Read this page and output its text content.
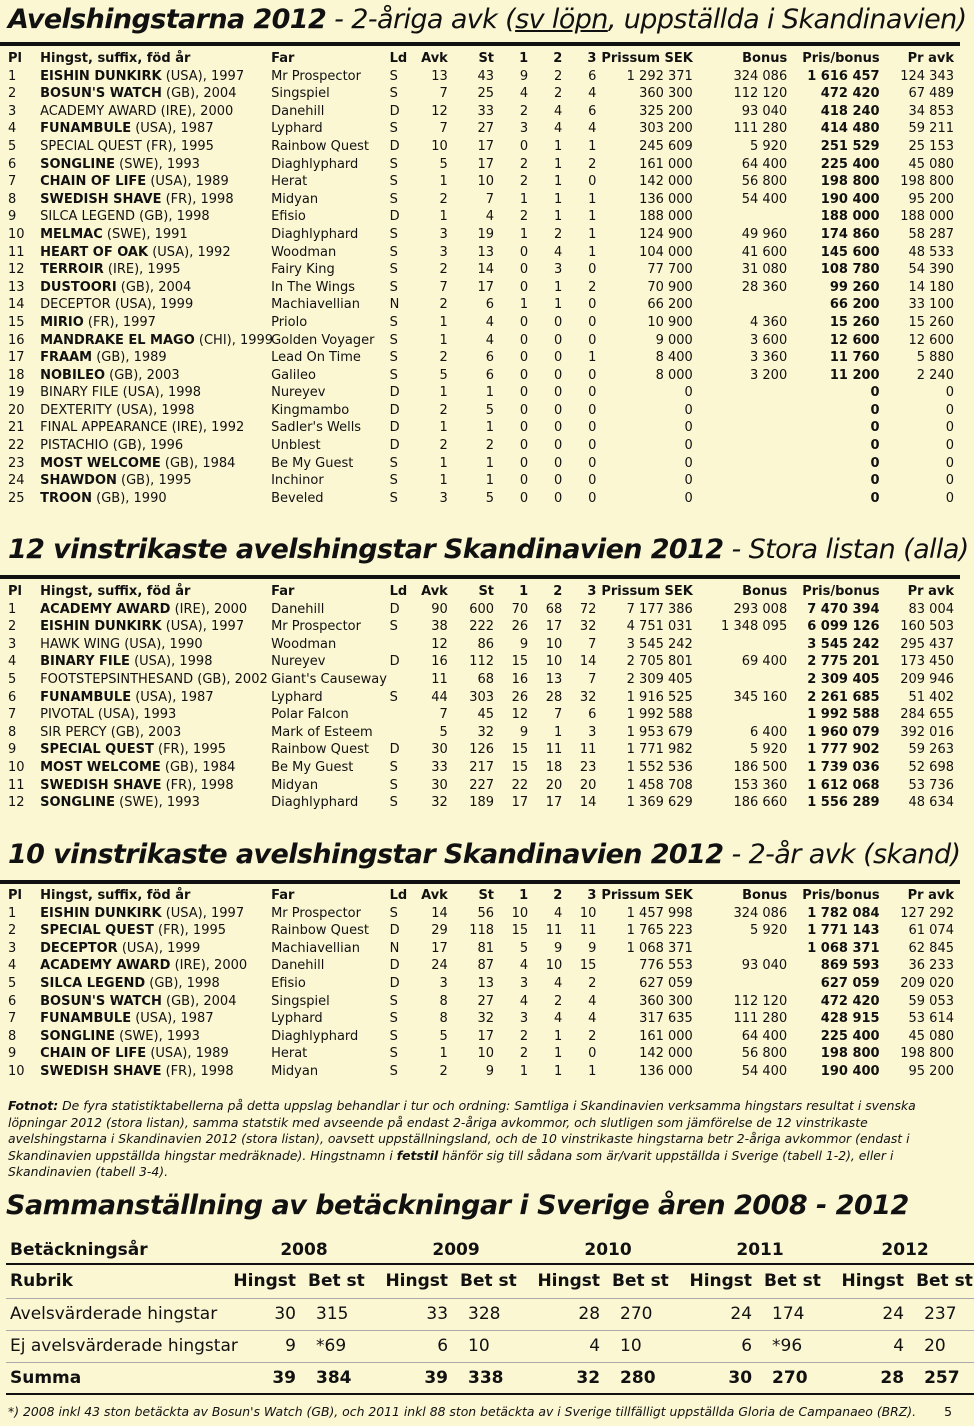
Avelshingstarna 2012 - 2-åriga avk (sv löpn, uppställda i Skandinavien)
Pl	Hingst, suffix, föd år	Far	Ld	Avk	St	1	2	3	Prissum SEK	Bonus	Pris/bonus	Pr avk
1	EISHIN DUNKIRK (USA), 1997	Mr Prospector	S	13	43	9	2	6	1 292 371	324 086	1 616 457	124 343
2	BOSUN'S WATCH (GB), 2004	Singspiel	S	7	25	4	2	4	360 300	112 120	472 420	67 489
3	ACADEMY AWARD (IRE), 2000	Danehill	D	12	33	2	4	6	325 200	93 040	418 240	34 853
4	FUNAMBULE (USA), 1987	Lyphard	S	7	27	3	4	4	303 200	111 280	414 480	59 211
5	SPECIAL QUEST (FR), 1995	Rainbow Quest	D	10	17	0	1	1	245 609	5 920	251 529	25 153
6	SONGLINE (SWE), 1993	Diaghlyphard	S	5	17	2	1	2	161 000	64 400	225 400	45 080
7	CHAIN OF LIFE (USA), 1989	Herat	S	1	10	2	1	0	142 000	56 800	198 800	198 800
8	SWEDISH SHAVE (FR), 1998	Midyan	S	2	7	1	1	1	136 000	54 400	190 400	95 200
9	SILCA LEGEND (GB), 1998	Efisio	D	1	4	2	1	1	188 000		188 000	188 000
10	MELMAC (SWE), 1991	Diaghlyphard	S	3	19	1	2	1	124 900	49 960	174 860	58 287
11	HEART OF OAK (USA), 1992	Woodman	S	3	13	0	4	1	104 000	41 600	145 600	48 533
12	TERROIR (IRE), 1995	Fairy King	S	2	14	0	3	0	77 700	31 080	108 780	54 390
13	DUSTOORI (GB), 2004	In The Wings	S	7	17	0	1	2	70 900	28 360	99 260	14 180
14	DECEPTOR (USA), 1999	Machiavellian	N	2	6	1	1	0	66 200		66 200	33 100
15	MIRIO (FR), 1997	Priolo	S	1	4	0	0	0	10 900	4 360	15 260	15 260
16	MANDRAKE EL MAGO (CHI), 1999	Golden Voyager	S	1	4	0	0	0	9 000	3 600	12 600	12 600
17	FRAAM (GB), 1989	Lead On Time	S	2	6	0	0	1	8 400	3 360	11 760	5 880
18	NOBILEO (GB), 2003	Galileo	S	5	6	0	0	0	8 000	3 200	11 200	2 240
19	BINARY FILE (USA), 1998	Nureyev	D	1	1	0	0	0	0		0	0
20	DEXTERITY (USA), 1998	Kingmambo	D	2	5	0	0	0	0		0	0
21	FINAL APPEARANCE (IRE), 1992	Sadler's Wells	D	1	1	0	0	0	0		0	0
22	PISTACHIO (GB), 1996	Unblest	D	2	2	0	0	0	0		0	0
23	MOST WELCOME (GB), 1984	Be My Guest	S	1	1	0	0	0	0		0	0
24	SHAWDON (GB), 1995	Inchinor	S	1	1	0	0	0	0		0	0
25	TROON (GB), 1990	Beveled	S	3	5	0	0	0	0		0	0
12 vinstrikaste avelshingstar Skandinavien 2012 - Stora listan (alla)
Pl	Hingst, suffix, föd år	Far	Ld	Avk	St	1	2	3	Prissum SEK	Bonus	Pris/bonus	Pr avk
1	ACADEMY AWARD (IRE), 2000	Danehill	D	90	600	70	68	72	7 177 386	293 008	7 470 394	83 004
2	EISHIN DUNKIRK (USA), 1997	Mr Prospector	S	38	222	26	17	32	4 751 031	1 348 095	6 099 126	160 503
3	HAWK WING (USA), 1990	Woodman		12	86	9	10	7	3 545 242		3 545 242	295 437
4	BINARY FILE (USA), 1998	Nureyev	D	16	112	15	10	14	2 705 801	69 400	2 775 201	173 450
5	FOOTSTEPSINTHESAND (GB), 2002	Giant's Causeway		11	68	16	13	7	2 309 405		2 309 405	209 946
6	FUNAMBULE (USA), 1987	Lyphard	S	44	303	26	28	32	1 916 525	345 160	2 261 685	51 402
7	PIVOTAL (USA), 1993	Polar Falcon		7	45	12	7	6	1 992 588		1 992 588	284 655
8	SIR PERCY (GB), 2003	Mark of Esteem		5	32	9	1	3	1 953 679	6 400	1 960 079	392 016
9	SPECIAL QUEST (FR), 1995	Rainbow Quest	D	30	126	15	11	11	1 771 982	5 920	1 777 902	59 263
10	MOST WELCOME (GB), 1984	Be My Guest	S	33	217	15	18	23	1 552 536	186 500	1 739 036	52 698
11	SWEDISH SHAVE (FR), 1998	Midyan	S	30	227	22	20	20	1 458 708	153 360	1 612 068	53 736
12	SONGLINE (SWE), 1993	Diaghlyphard	S	32	189	17	17	14	1 369 629	186 660	1 556 289	48 634
10 vinstrikaste avelshingstar Skandinavien 2012 - 2-år avk (skand)
Pl	Hingst, suffix, föd år	Far	Ld	Avk	St	1	2	3	Prissum SEK	Bonus	Pris/bonus	Pr avk
1	EISHIN DUNKIRK (USA), 1997	Mr Prospector	S	14	56	10	4	10	1 457 998	324 086	1 782 084	127 292
2	SPECIAL QUEST (FR), 1995	Rainbow Quest	D	29	118	15	11	11	1 765 223	5 920	1 771 143	61 074
3	DECEPTOR (USA), 1999	Machiavellian	N	17	81	5	9	9	1 068 371		1 068 371	62 845
4	ACADEMY AWARD (IRE), 2000	Danehill	D	24	87	4	10	15	776 553	93 040	869 593	36 233
5	SILCA LEGEND (GB), 1998	Efisio	D	3	13	3	4	2	627 059		627 059	209 020
6	BOSUN'S WATCH (GB), 2004	Singspiel	S	8	27	4	2	4	360 300	112 120	472 420	59 053
7	FUNAMBULE (USA), 1987	Lyphard	S	8	32	3	4	4	317 635	111 280	428 915	53 614
8	SONGLINE (SWE), 1993	Diaghlyphard	S	5	17	2	1	2	161 000	64 400	225 400	45 080
9	CHAIN OF LIFE (USA), 1989	Herat	S	1	10	2	1	0	142 000	56 800	198 800	198 800
10	SWEDISH SHAVE (FR), 1998	Midyan	S	2	9	1	1	1	136 000	54 400	190 400	95 200
Fotnot: De fyra statistiktabellerna på detta uppslag behandlar i tur och ordning: Samtliga i Skandinavien verksamma hingstars resultat i svenska löpningar 2012 (stora listan), samma statstik med avseende på endast 2-åriga avkommor, och slutligen som jämförelse de 12 vinstrikaste avelshingstarna i Skandinavien 2012 (stora listan), oavsett uppställningsland, och de 10 vinstrikaste hingstarna betr 2-åriga avkommor (endast i Skandinavien uppställda hingstar medräknade). Hingstnamn i fetstil hänför sig till sådana som är/varit uppställda i Sverige (tabell 1-2), eller i Skandinavien (tabell 3-4).
Sammanställning av betäckningar i Sverige åren 2008 - 2012
Betäckningsår	2008		2009		2010		2011		2012	
Rubrik	Hingst	Bet st	Hingst	Bet st	Hingst	Bet st	Hingst	Bet st	Hingst	Bet st
Avelsvärderade hingstar	30	315	33	328	28	270	24	174	24	237
Ej avelsvärderade hingstar	9	*69	6	10	4	10	6	*96	4	20
Summa	39	384	39	338	32	280	30	270	28	257
*) 2008 inkl 43 ston betäckta av Bosun's Watch (GB), och 2011 inkl 88 ston betäckta av i Sverige tillfälligt uppställda Gloria de Campanaeo (BRZ). 5
